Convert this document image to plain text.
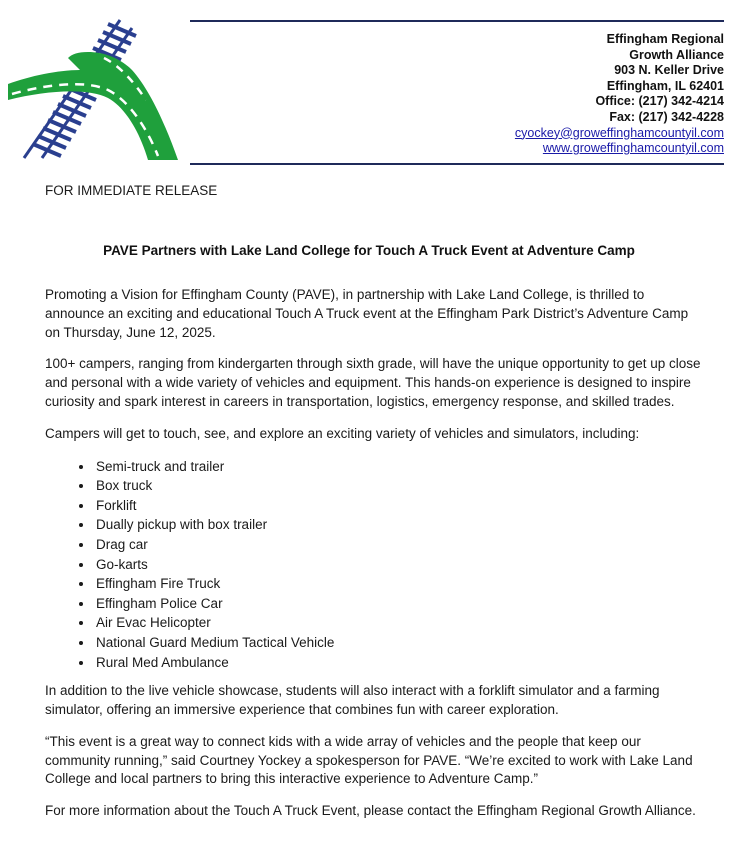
Effingham Regional
Growth Alliance
903 N. Keller Drive
Effingham, IL 62401
Office: (217) 342-4214
Fax: (217) 342-4228
cyockey@groweffinghamcountyil.com
www.groweffinghamcountyil.com
FOR IMMEDIATE RELEASE
PAVE Partners with Lake Land College for Touch A Truck Event at Adventure Camp

Promoting a Vision for Effingham County (PAVE), in partnership with Lake Land College, is thrilled to announce an exciting and educational Touch A Truck event at the Effingham Park District’s Adventure Camp on Thursday, June 12, 2025.

100+ campers, ranging from kindergarten through sixth grade, will have the unique opportunity to get up close and personal with a wide variety of vehicles and equipment. This hands-on experience is designed to inspire curiosity and spark interest in careers in transportation, logistics, emergency response, and skilled trades.

Campers will get to touch, see, and explore an exciting variety of vehicles and simulators, including:

• Semi-truck and trailer
• Box truck
• Forklift
• Dually pickup with box trailer
• Drag car
• Go-karts
• Effingham Fire Truck
• Effingham Police Car
• Air Evac Helicopter
• National Guard Medium Tactical Vehicle
• Rural Med Ambulance

In addition to the live vehicle showcase, students will also interact with a forklift simulator and a farming simulator, offering an immersive experience that combines fun with career exploration.

“This event is a great way to connect kids with a wide array of vehicles and the people that keep our community running,” said Courtney Yockey a spokesperson for PAVE. “We’re excited to work with Lake Land College and local partners to bring this interactive experience to Adventure Camp.”

For more information about the Touch A Truck Event, please contact the Effingham Regional Growth Alliance.
